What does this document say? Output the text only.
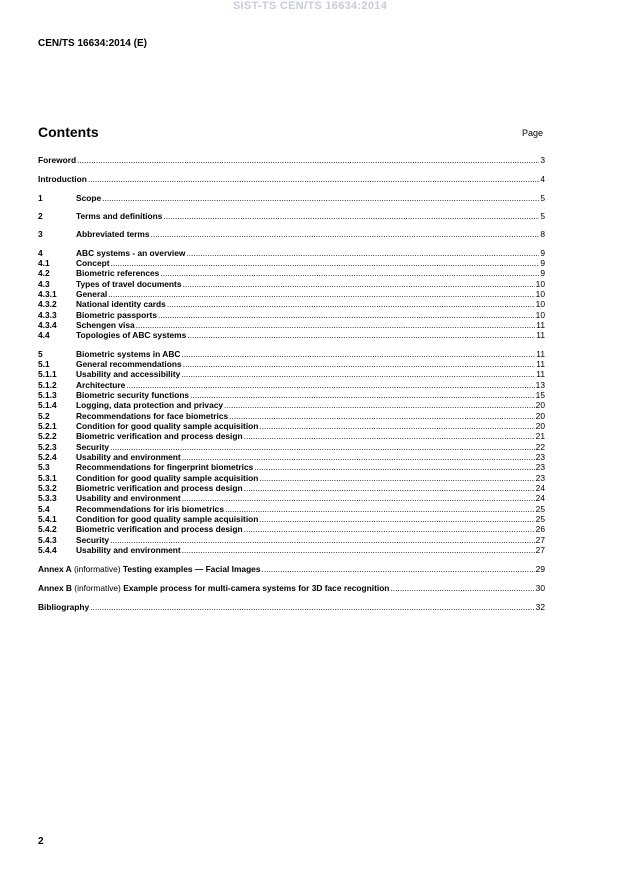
SIST-TS CEN/TS 16634:2014
CEN/TS 16634:2014 (E)
Contents	Page
Foreword .....	3
Introduction .....	4
1	Scope .....	5
2	Terms and definitions .....	5
3	Abbreviated terms .....	8
4	ABC systems - an overview .....	9
4.1	Concept .....	9
4.2	Biometric references .....	9
4.3	Types of travel documents .....	10
4.3.1	General .....	10
4.3.2	National identity cards .....	10
4.3.3	Biometric passports .....	10
4.3.4	Schengen visa .....	11
4.4	Topologies of ABC systems .....	11
5	Biometric systems in ABC .....	11
5.1	General recommendations .....	11
5.1.1	Usability and accessibility .....	11
5.1.2	Architecture .....	13
5.1.3	Biometric security functions .....	15
5.1.4	Logging, data protection and privacy .....	20
5.2	Recommendations for face biometrics .....	20
5.2.1	Condition for good quality sample acquisition .....	20
5.2.2	Biometric verification and process design .....	21
5.2.3	Security .....	22
5.2.4	Usability and environment .....	23
5.3	Recommendations for fingerprint biometrics .....	23
5.3.1	Condition for good quality sample acquisition .....	23
5.3.2	Biometric verification and process design .....	24
5.3.3	Usability and environment .....	24
5.4	Recommendations for iris biometrics .....	25
5.4.1	Condition for good quality sample acquisition .....	25
5.4.2	Biometric verification and process design .....	26
5.4.3	Security .....	27
5.4.4	Usability and environment .....	27
Annex A (informative) Testing examples — Facial Images .....	29
Annex B (informative) Example process for multi-camera systems for 3D face recognition .....	30
Bibliography .....	32
2
